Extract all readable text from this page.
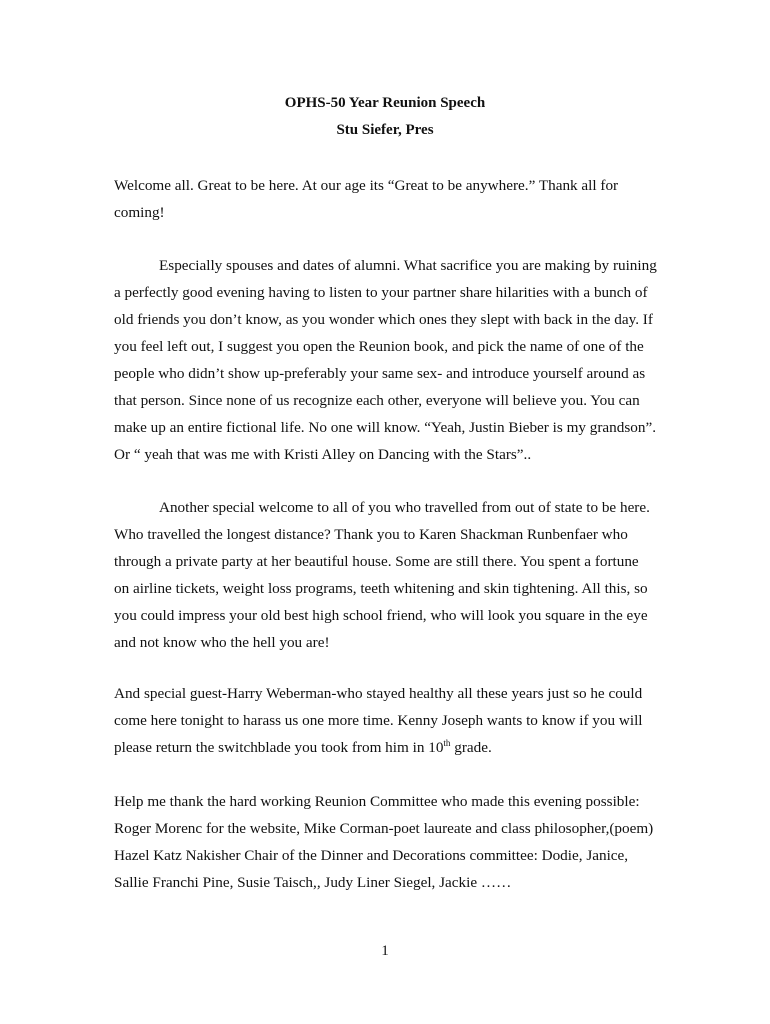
OPHS-50 Year Reunion Speech

Stu Siefer, Pres

Welcome all. Great to be here. At our age its “Great to be anywhere.” Thank all for

coming!

Especially spouses and dates of alumni. What sacrifice you are making by ruining

a perfectly good evening having to listen to your partner share hilarities with a bunch of

old friends you don’t know, as you wonder which ones they slept with back in the day. If

you feel left out, I suggest you open the Reunion book, and pick the name of one of the

people who didn’t show up-preferably your same sex- and introduce yourself around as

that person. Since none of us recognize each other, everyone will believe you. You can

make up an entire fictional life. No one will know. “Yeah, Justin Bieber is my grandson”.

Or “ yeah that was me with Kristi Alley on Dancing with the Stars”..

Another special welcome to all of you who travelled from out of state to be here.

Who travelled the longest distance? Thank you to Karen Shackman Runbenfaer who

through a private party at her beautiful house. Some are still there. You spent a fortune

on airline tickets, weight loss programs, teeth whitening and skin tightening. All this, so

you could impress your old best high school friend, who will look you square in the eye

and not know who the hell you are!

And special guest-Harry Weberman-who stayed healthy all these years just so he could

come here tonight to harass us one more time. Kenny Joseph wants to know if you will

please return the switchblade you took from him in 10th grade.

Help me thank the hard working Reunion Committee who made this evening possible:

Roger Morenc for the website, Mike Corman-poet laureate and class philosopher,(poem)

Hazel Katz Nakisher Chair of the Dinner and Decorations committee: Dodie, Janice,

Sallie Franchi Pine, Susie Taisch,, Judy Liner Siegel, Jackie ……

1
